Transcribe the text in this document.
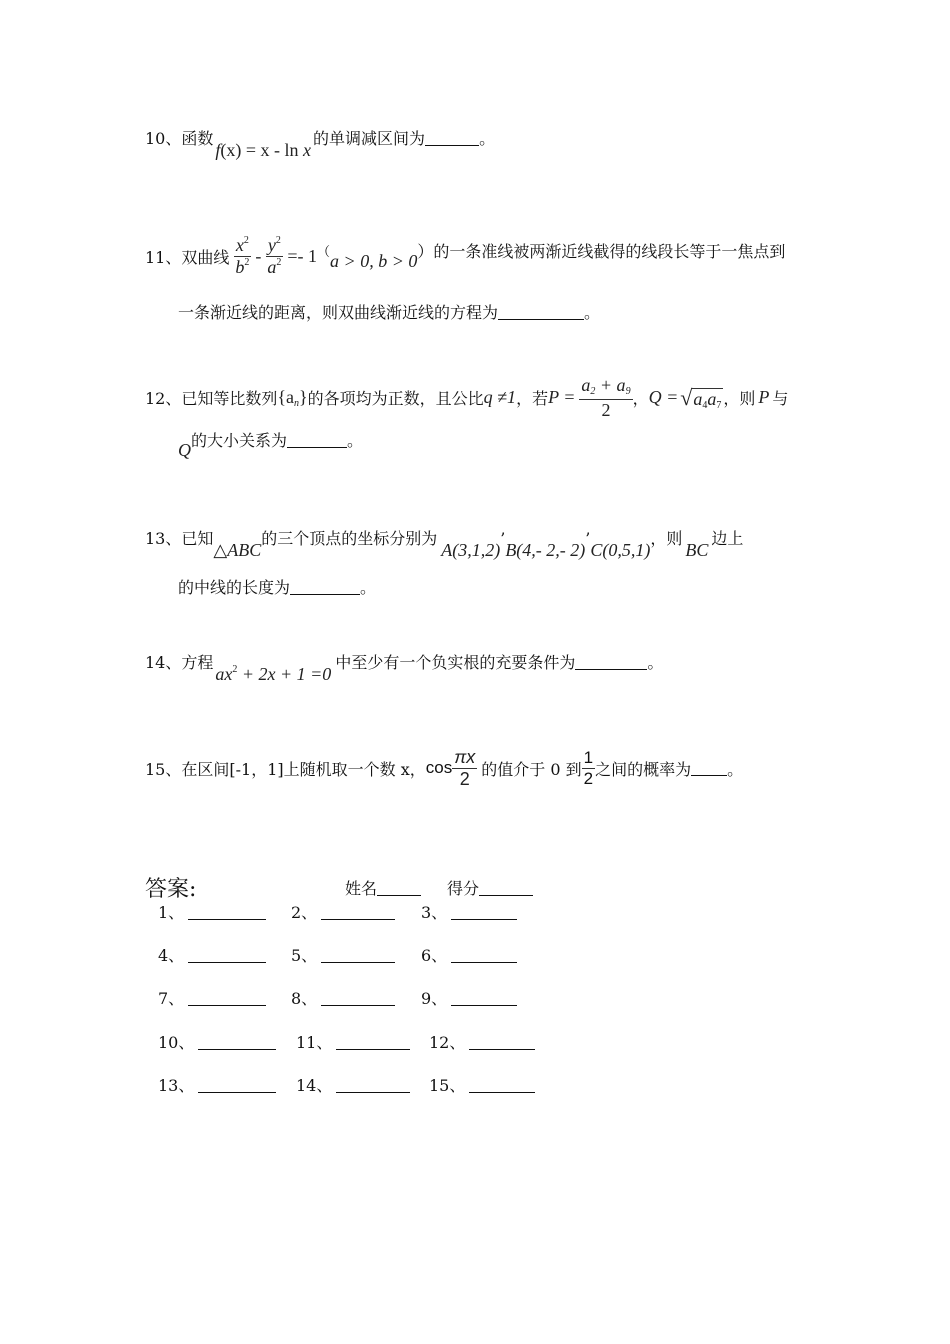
10、函数f(x) = x - ln x的单调减区间为	。
11、双曲线 $\frac{x^2}{b^2} - \frac{y^2}{a^2} =- 1$ （ a > 0, b > 0 ）的一条准线被两渐近线截得的线段长等于一焦点到
一条渐近线的距离，则双曲线渐近线的方程为	。
12、已知等比数列 $\{a_n\}$ 的各项均为正数，且公比 q ≠1 ，若 $P = \frac{a_2 + a_9}{2}$ ， $Q = √a_4a_7$ ，则 P 与
Q的大小关系为	。
13、已知△ABC的三个顶点的坐标分别为A(3,1,2)’B(4,- 2,- 2)’C(0,5,1)，则BC边上
的中线的长度为	。
14、方程$ax^2 + 2x + 1 =0$中至少有一个负实根的充要条件为	。
15、在区间[-1，1]上随机取一个数 x， $\cos \frac{\pi x}{2}$ 的值介于 0 到 $\frac{1}{2}$ 之间的概率为 。
答案:	姓名	得分
1、	2、	3、
4、	5、	6、
7、	8、	9、
10、	11、	12、
13、	14、	15、
